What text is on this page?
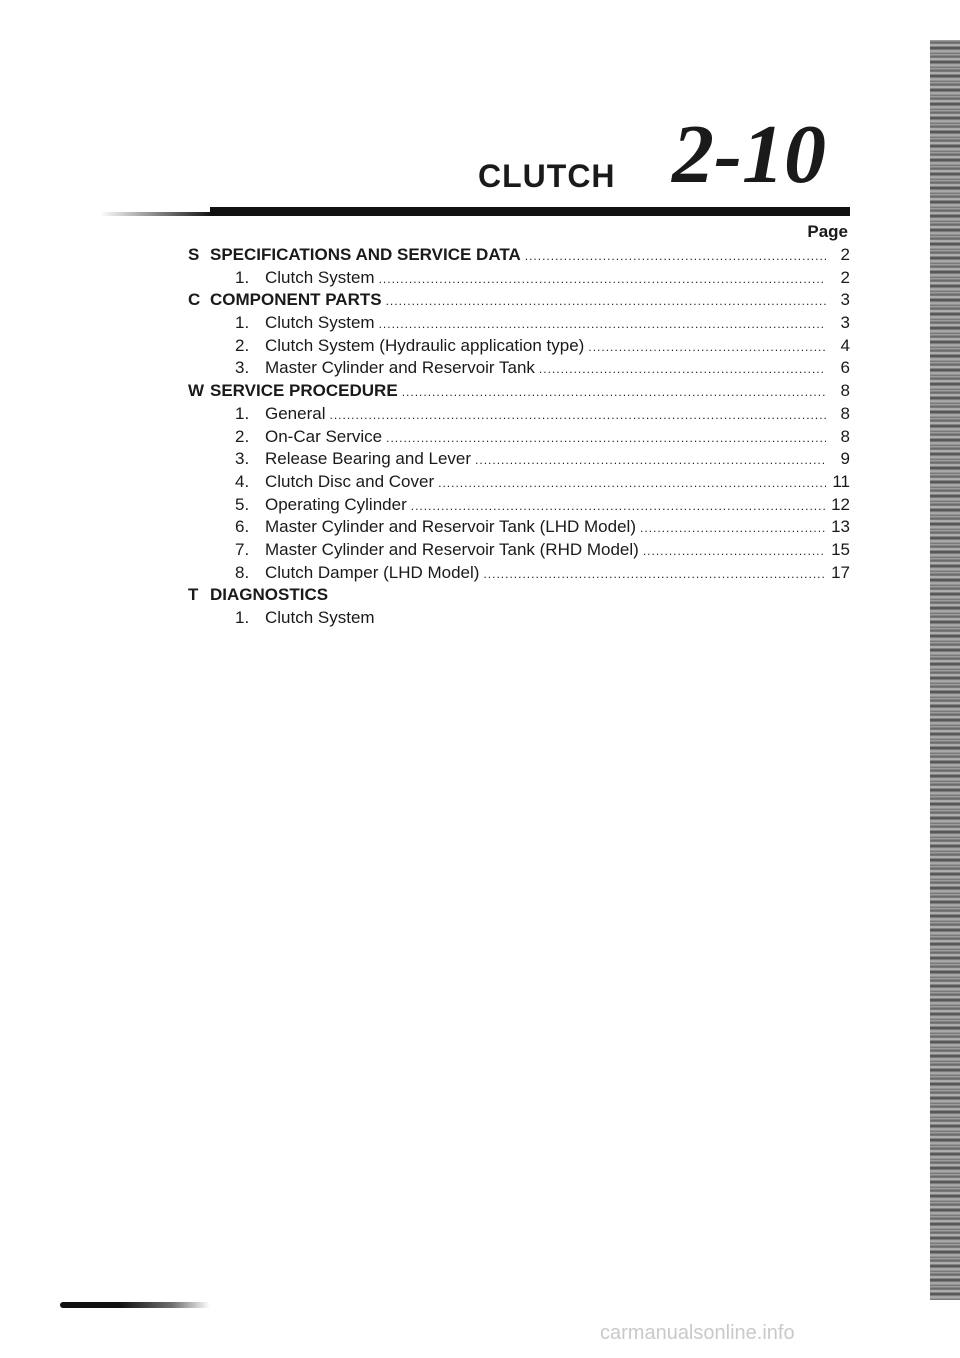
CLUTCH 2-10
Page
S SPECIFICATIONS AND SERVICE DATA .....	2
1. Clutch System .....	2
C COMPONENT PARTS .....	3
1. Clutch System .....	3
2. Clutch System (Hydraulic application type) .....	4
3. Master Cylinder and Reservoir Tank .....	6
W SERVICE PROCEDURE .....	8
1. General .....	8
2. On-Car Service .....	8
3. Release Bearing and Lever .....	9
4. Clutch Disc and Cover .....	11
5. Operating Cylinder .....	12
6. Master Cylinder and Reservoir Tank (LHD Model) .....	13
7. Master Cylinder and Reservoir Tank (RHD Model) .....	15
8. Clutch Damper (LHD Model) .....	17
T DIAGNOSTICS
1. Clutch System
carmanualsonline.info
